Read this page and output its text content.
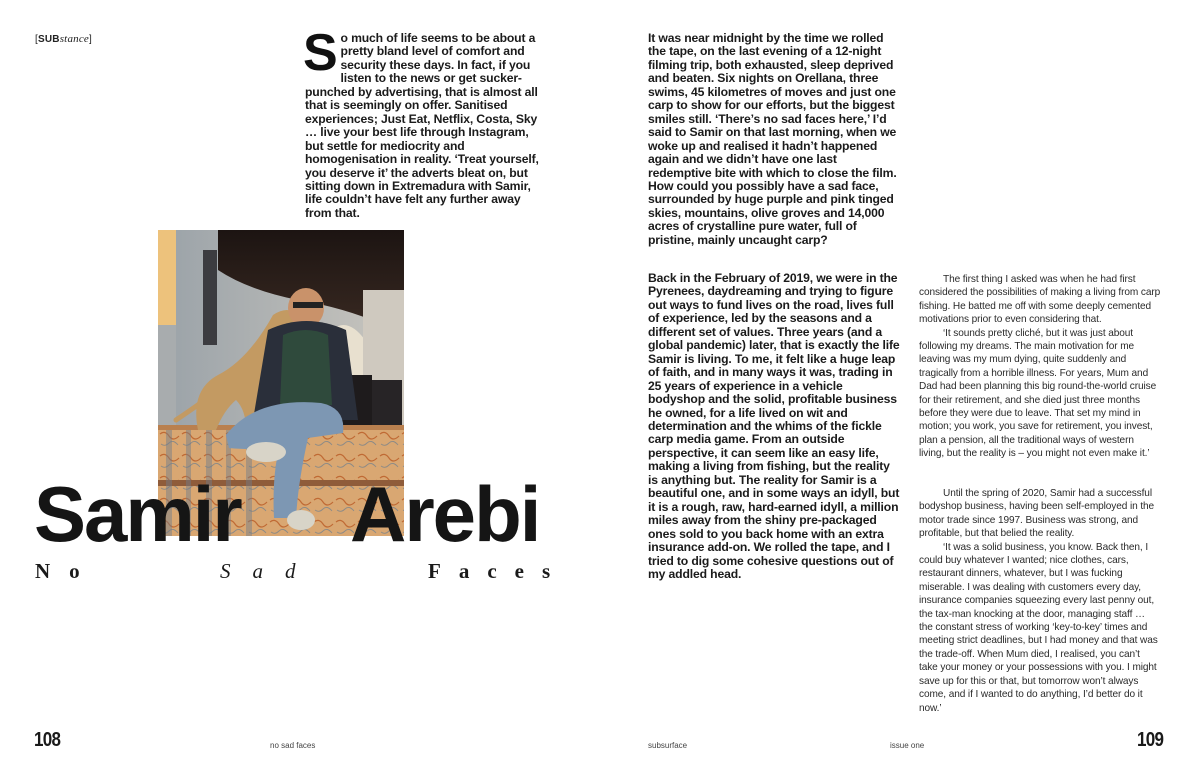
[SUBstance]	So much of life seems to be about a pretty bland level of comfort and security these days. In fact, if you listen to the news or get sucker-punched by advertising, that is almost all that is seemingly on offer. Sanitised experiences; Just Eat, Netflix, Costa, Sky … live your best life through Instagram, but settle for mediocrity and homogenisation in reality. ‘Treat yourself, you deserve it’ the adverts bleat on, but sitting down in Extremadura with Samir, life couldn’t have felt any further away from that.
Samir Arebi
No	Sad	Faces
It was near midnight by the time we rolled the tape, on the last evening of a 12-night filming trip, both exhausted, sleep deprived and beaten. Six nights on Orellana, three swims, 45 kilometres of moves and just one carp to show for our efforts, but the biggest smiles still. ‘There’s no sad faces here,’ I’d said to Samir on that last morning, when we woke up and realised it hadn’t happened again and we didn’t have one last redemptive bite with which to close the film. How could you possibly have a sad face, surrounded by huge purple and pink tinged skies, mountains, olive groves and 14,000 acres of crystalline pure water, full of pristine, mainly uncaught carp?
Back in the February of 2019, we were in the Pyrenees, daydreaming and trying to figure out ways to fund lives on the road, lives full of experience, led by the seasons and a different set of values. Three years (and a global pandemic) later, that is exactly the life Samir is living. To me, it felt like a huge leap of faith, and in many ways it was, trading in 25 years of experience in a vehicle bodyshop and the solid, profitable business he owned, for a life lived on wit and determination and the whims of the fickle carp media game. From an outside perspective, it can seem like an easy life, making a living from fishing, but the reality is anything but. The reality for Samir is a beautiful one, and in some ways an idyll, but it is a rough, raw, hard-earned idyll, a million miles away from the shiny pre-packaged ones sold to you back home with an extra insurance add-on. We rolled the tape, and I tried to dig some cohesive questions out of my addled head.

The first thing I asked was when he had first considered the possibilities of making a living from carp fishing. He batted me off with some deeply cemented motivations prior to even considering that.

‘It sounds pretty cliché, but it was just about following my dreams. The main motivation for me leaving was my mum dying, quite suddenly and tragically from a horrible illness. For years, Mum and Dad had been planning this big round-the-world cruise for their retirement, and she died just three months before they were due to leave. That set my mind in motion; you work, you save for retirement, you invest, plan a pension, all the traditional ways of western living, but the reality is – you might not even make it.’

Until the spring of 2020, Samir had a successful bodyshop business, having been self-employed in the motor trade since 1997. Business was strong, and profitable, but that belied the reality.

‘It was a solid business, you know. Back then, I could buy whatever I wanted; nice clothes, cars, restaurant dinners, whatever, but I was fucking miserable. I was dealing with customers every day, insurance companies squeezing every last penny out, the tax-man knocking at the door, managing staff … the constant stress of working ‘key-to-key’ times and meeting strict deadlines, but I had money and that was the trade-off. When Mum died, I realised, you can’t take your money or your possessions with you. I might save up for this or that, but tomorrow won’t always come, and if I wanted to do anything, I’d better do it now.’

108	no sad faces	subsurface	issue one	109
